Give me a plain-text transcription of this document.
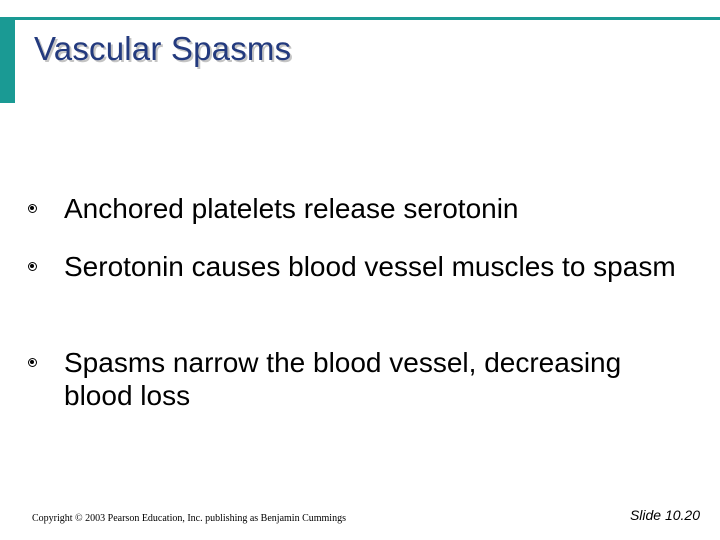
Vascular Spasms
Anchored platelets release serotonin
Serotonin causes blood vessel muscles to spasm
Spasms narrow the blood vessel, decreasing blood loss
Copyright © 2003 Pearson Education, Inc. publishing as Benjamin Cummings	Slide 10.20
